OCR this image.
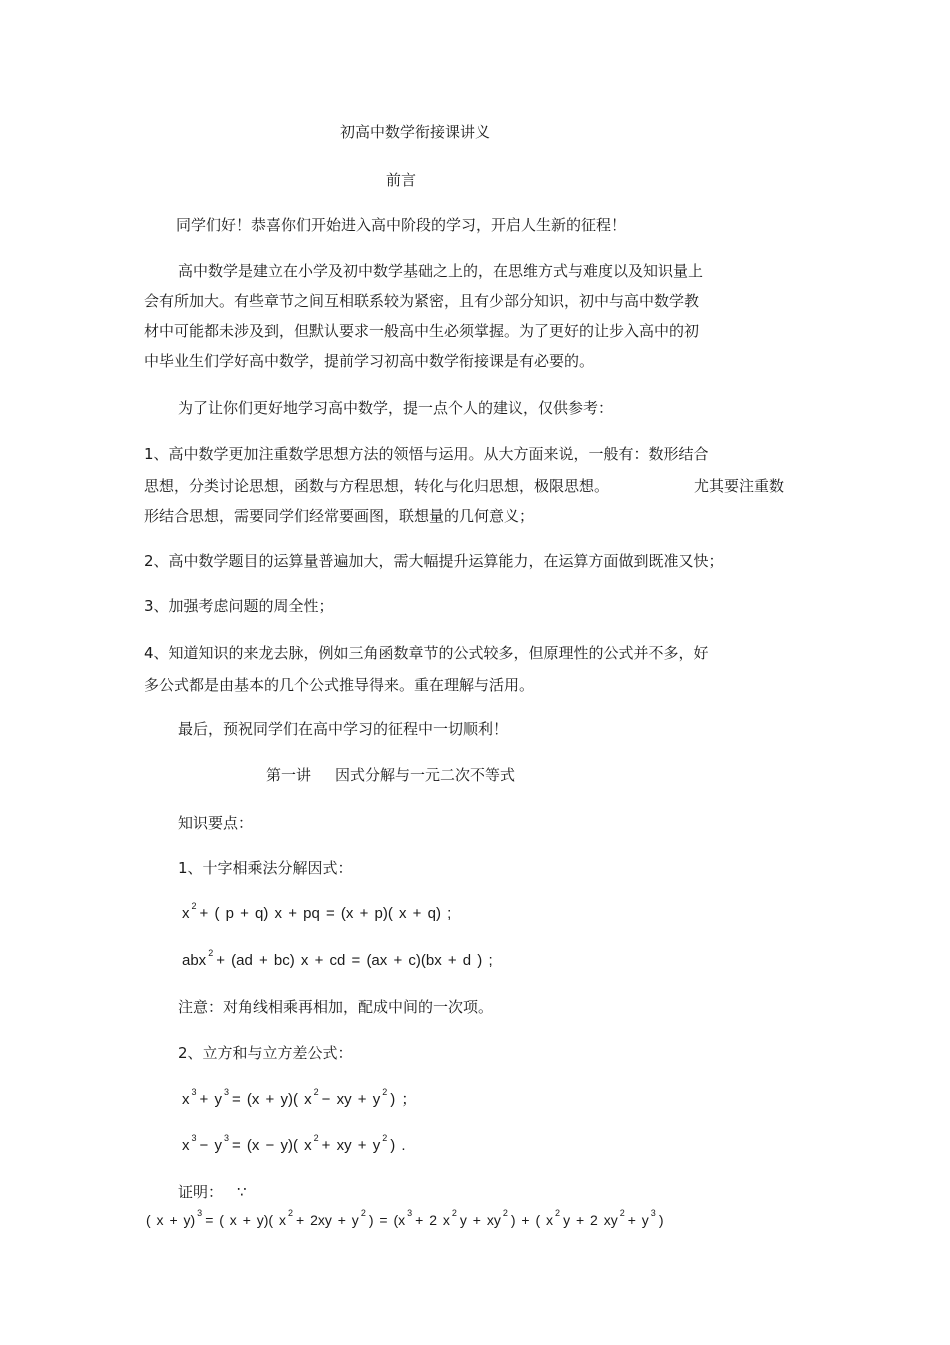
初高中数学衔接课讲义
前言
同学们好！恭喜你们开始进入高中阶段的学习，开启人生新的征程！
高中数学是建立在小学及初中数学基础之上的，在思维方式与难度以及知识量上
会有所加大。有些章节之间互相联系较为紧密，且有少部分知识，初中与高中数学教
材中可能都未涉及到，但默认要求一般高中生必须掌握。为了更好的让步入高中的初
中毕业生们学好高中数学，提前学习初高中数学衔接课是有必要的。
为了让你们更好地学习高中数学，提一点个人的建议，仅供参考：
1、高中数学更加注重数学思想方法的领悟与运用。从大方面来说，一般有：数形结合
思想，分类讨论思想，函数与方程思想，转化与化归思想，极限思想。	尤其要注重数
形结合思想，需要同学们经常要画图，联想量的几何意义；
2、高中数学题目的运算量普遍加大，需大幅提升运算能力，在运算方面做到既准又快；
3、加强考虑问题的周全性；
4、知道知识的来龙去脉，例如三角函数章节的公式较多，但原理性的公式并不多，好
多公式都是由基本的几个公式推导得来。重在理解与活用。
最后，预祝同学们在高中学习的征程中一切顺利！
第一讲 因式分解与一元二次不等式
知识要点：
1、十字相乘法分解因式：
x $^2$ + ( p + q) x + pq = (x + p)( x + q) ;
abx $^2$ + (ad + bc) x + cd = (ax + c)(bx + d ) ;
注意：对角线相乘再相加，配成中间的一次项。
2、立方和与立方差公式：
x $^3$ + y $^3$ = (x + y)( x $^2$ − xy + y $^2$ ) ；
x $^3$ − y $^3$ = (x − y)( x $^2$ + xy + y $^2$ ) .
证明： ∵
( x + y) $^3$ = ( x + y)( x $^2$ + 2xy + y $^2$ ) = (x $^3$ + 2 x $^2$ y + xy $^2$ ) + ( x $^2$ y + 2 xy $^2$ + y $^3$ )
